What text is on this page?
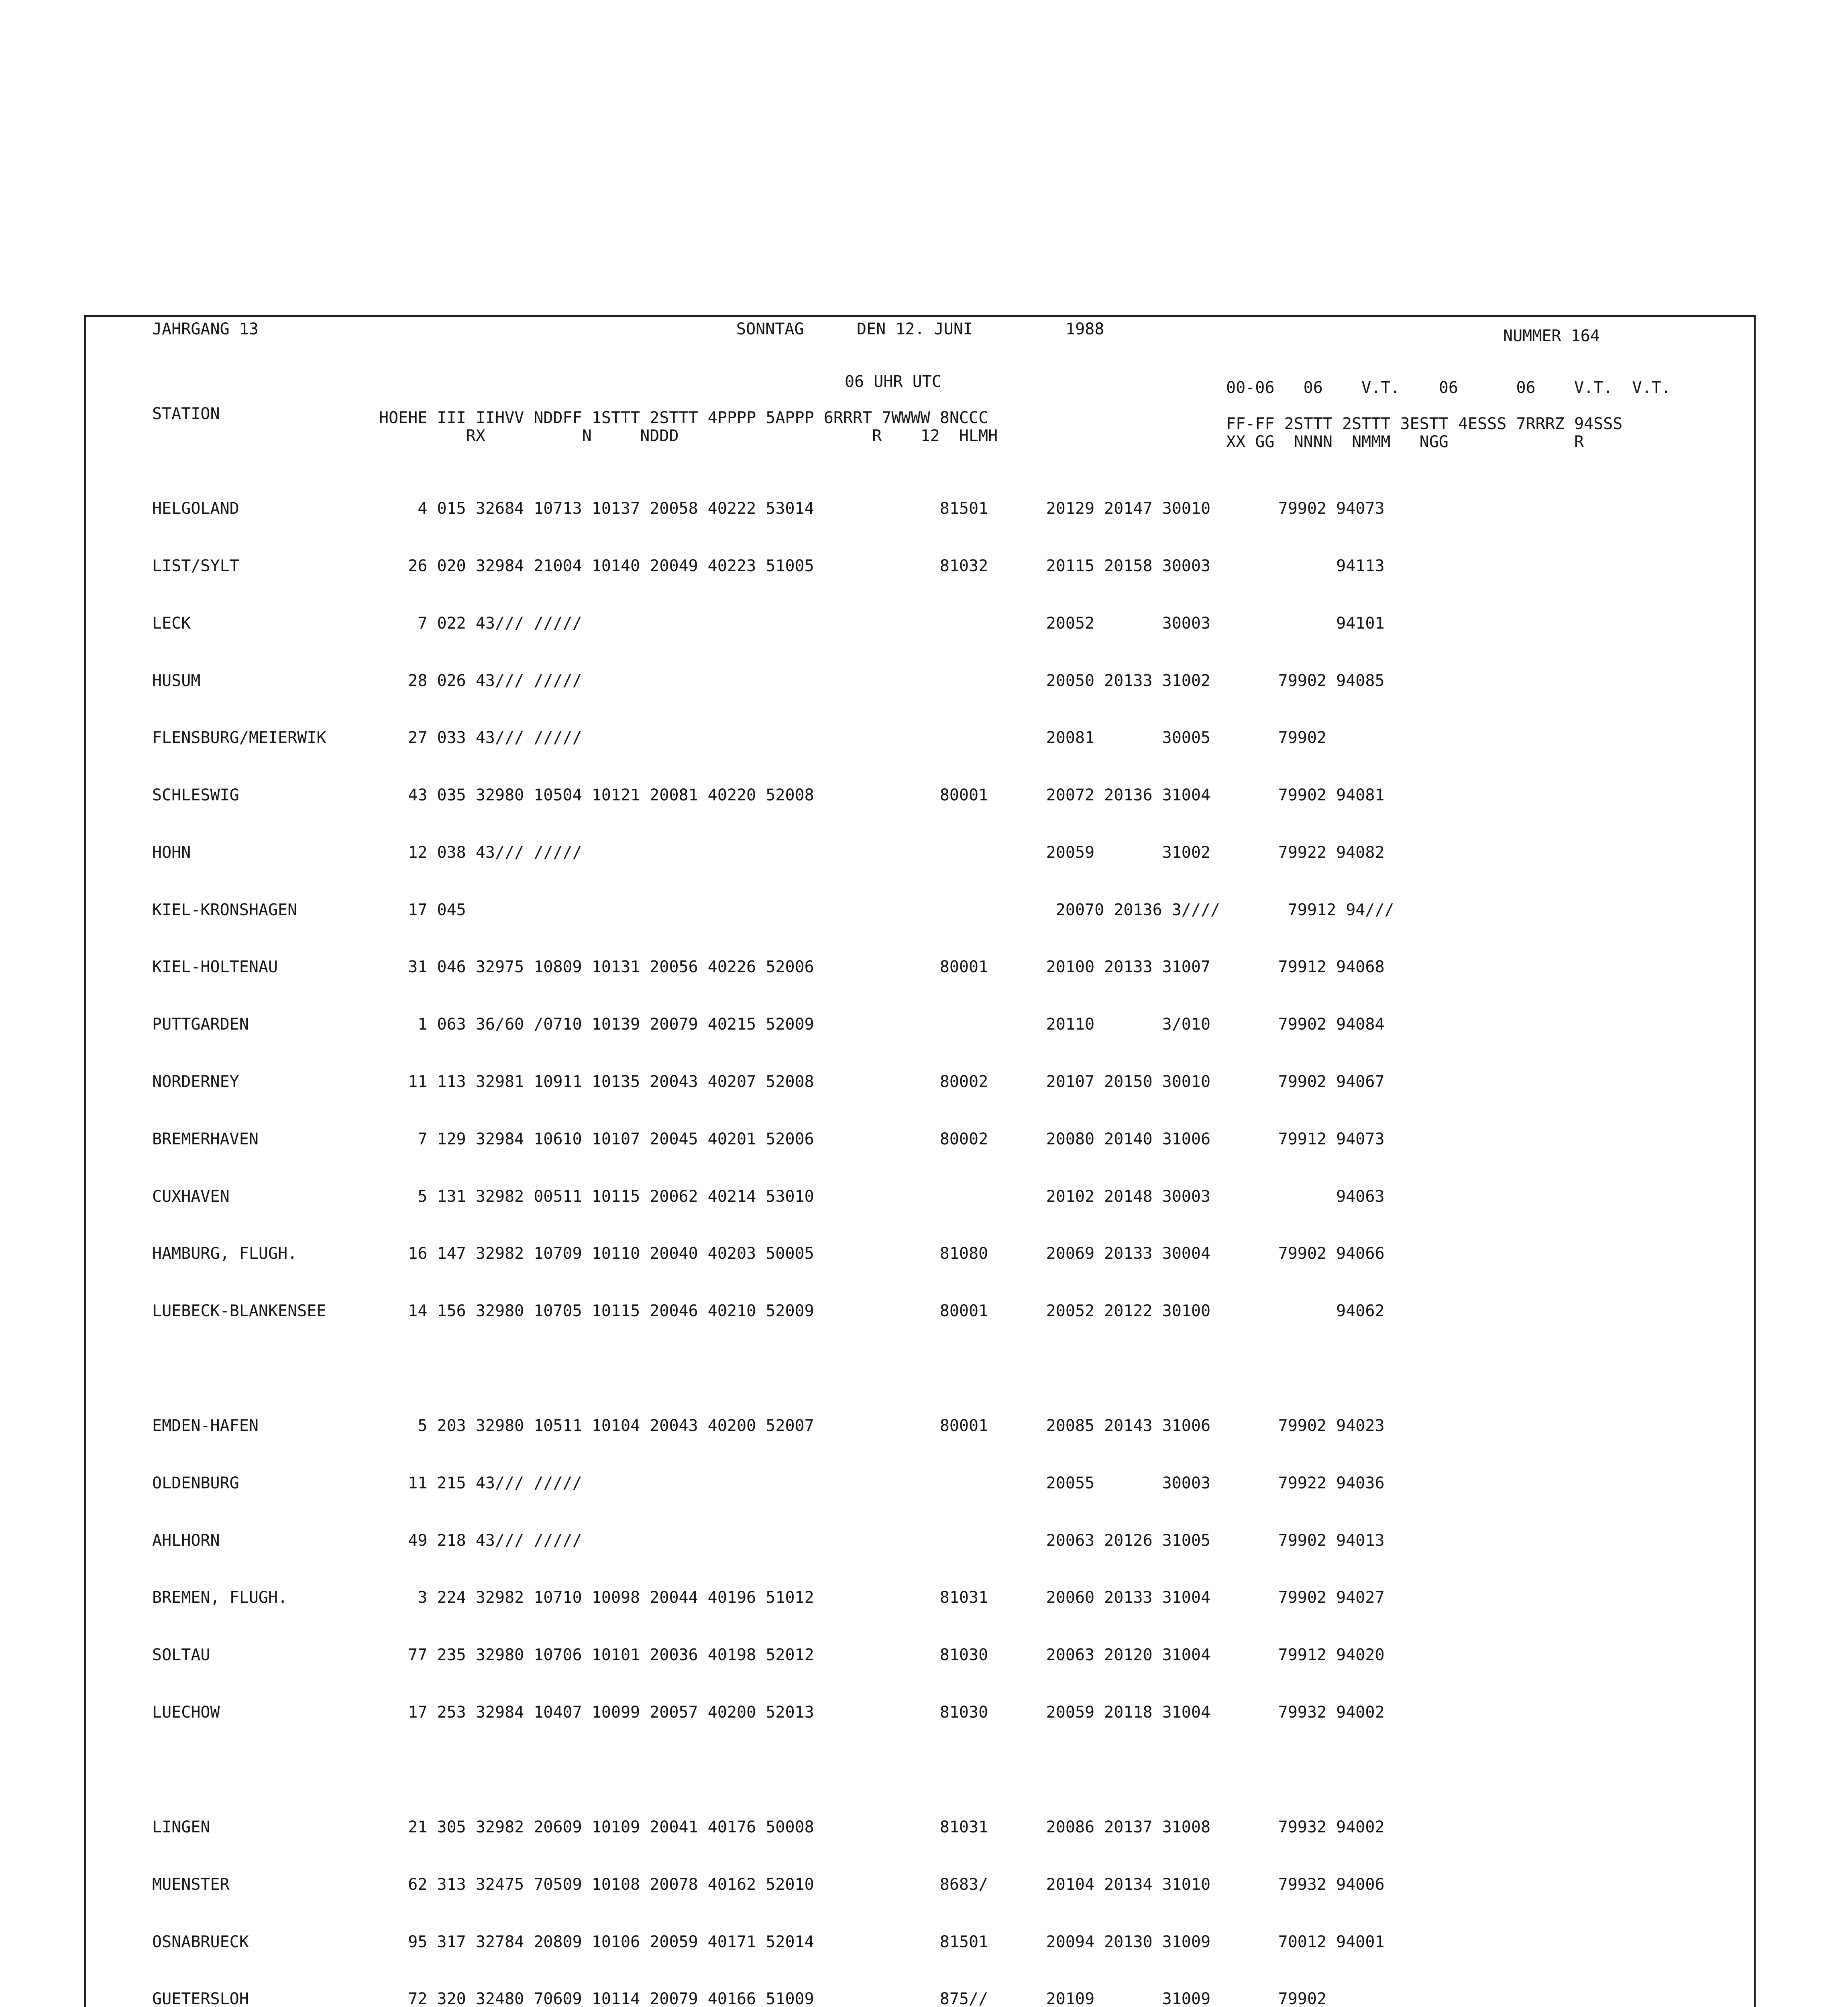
JAHRGANG 13	SONNTAG	DEN 12. JUNI	1988	NUMMER 164
06 UHR UTC	00-06   06    V.T.    06      06    V.T.  V.T.
STATION	HOEHE III IIHVV NDDFF 1STTT 2STTT 4PPPP 5APPP 6RRRT 7WWWW 8NCCC
RX          N     NDDD                    R    12  HLMH
FF-FF 2STTT 2STTT 3ESTT 4ESSS 7RRRZ 94SSS
XX GG  NNNN  NMMM   NGG             R

HELGOLAND	4 015 32684 10713 10137 20058 40222 53014             81501      20129 20147 30010       79902 94073

LIST/SYLT	26 020 32984 21004 10140 20049 40223 51005             81032      20115 20158 30003             94113

LECK	7 022 43/// /////                                                20052       30003             94101

HUSUM	28 026 43/// /////                                                20050 20133 31002       79902 94085

FLENSBURG/MEIERWIK	27 033 43/// /////                                                20081       30005       79902

SCHLESWIG	43 035 32980 10504 10121 20081 40220 52008             80001      20072 20136 31004       79902 94081

HOHN	12 038 43/// /////                                                20059       31002       79922 94082

KIEL-KRONSHAGEN	17 045                                                             20070 20136 3////       79912 94///

KIEL-HOLTENAU	31 046 32975 10809 10131 20056 40226 52006             80001      20100 20133 31007       79912 94068

PUTTGARDEN	1 063 36/60 /0710 10139 20079 40215 52009                        20110       3/010       79902 94084

NORDERNEY	11 113 32981 10911 10135 20043 40207 52008             80002      20107 20150 30010       79902 94067

BREMERHAVEN	7 129 32984 10610 10107 20045 40201 52006             80002      20080 20140 31006       79912 94073

CUXHAVEN	5 131 32982 00511 10115 20062 40214 53010                        20102 20148 30003             94063

HAMBURG, FLUGH.	16 147 32982 10709 10110 20040 40203 50005             81080      20069 20133 30004       79902 94066

LUEBECK-BLANKENSEE	14 156 32980 10705 10115 20046 40210 52009             80001      20052 20122 30100             94062

EMDEN-HAFEN	5 203 32980 10511 10104 20043 40200 52007             80001      20085 20143 31006       79902 94023

OLDENBURG	11 215 43/// /////                                                20055       30003       79922 94036

AHLHORN	49 218 43/// /////                                                20063 20126 31005       79902 94013

BREMEN, FLUGH.	3 224 32982 10710 10098 20044 40196 51012             81031      20060 20133 31004       79902 94027

SOLTAU	77 235 32980 10706 10101 20036 40198 52012             81030      20063 20120 31004       79912 94020

LUECHOW	17 253 32984 10407 10099 20057 40200 52013             81030      20059 20118 31004       79932 94002

LINGEN	21 305 32982 20609 10109 20041 40176 50008             81031      20086 20137 31008       79932 94002

MUENSTER	62 313 32475 70509 10108 20078 40162 52010             8683/      20104 20134 31010       79932 94006

OSNABRUECK	95 317 32784 20809 10106 20059 40171 52014             81501      20094 20130 31009       70012 94001

GUETERSLOH	72 320 32480 70609 10114 20079 40166 51009             875//      20109       31009       79902
